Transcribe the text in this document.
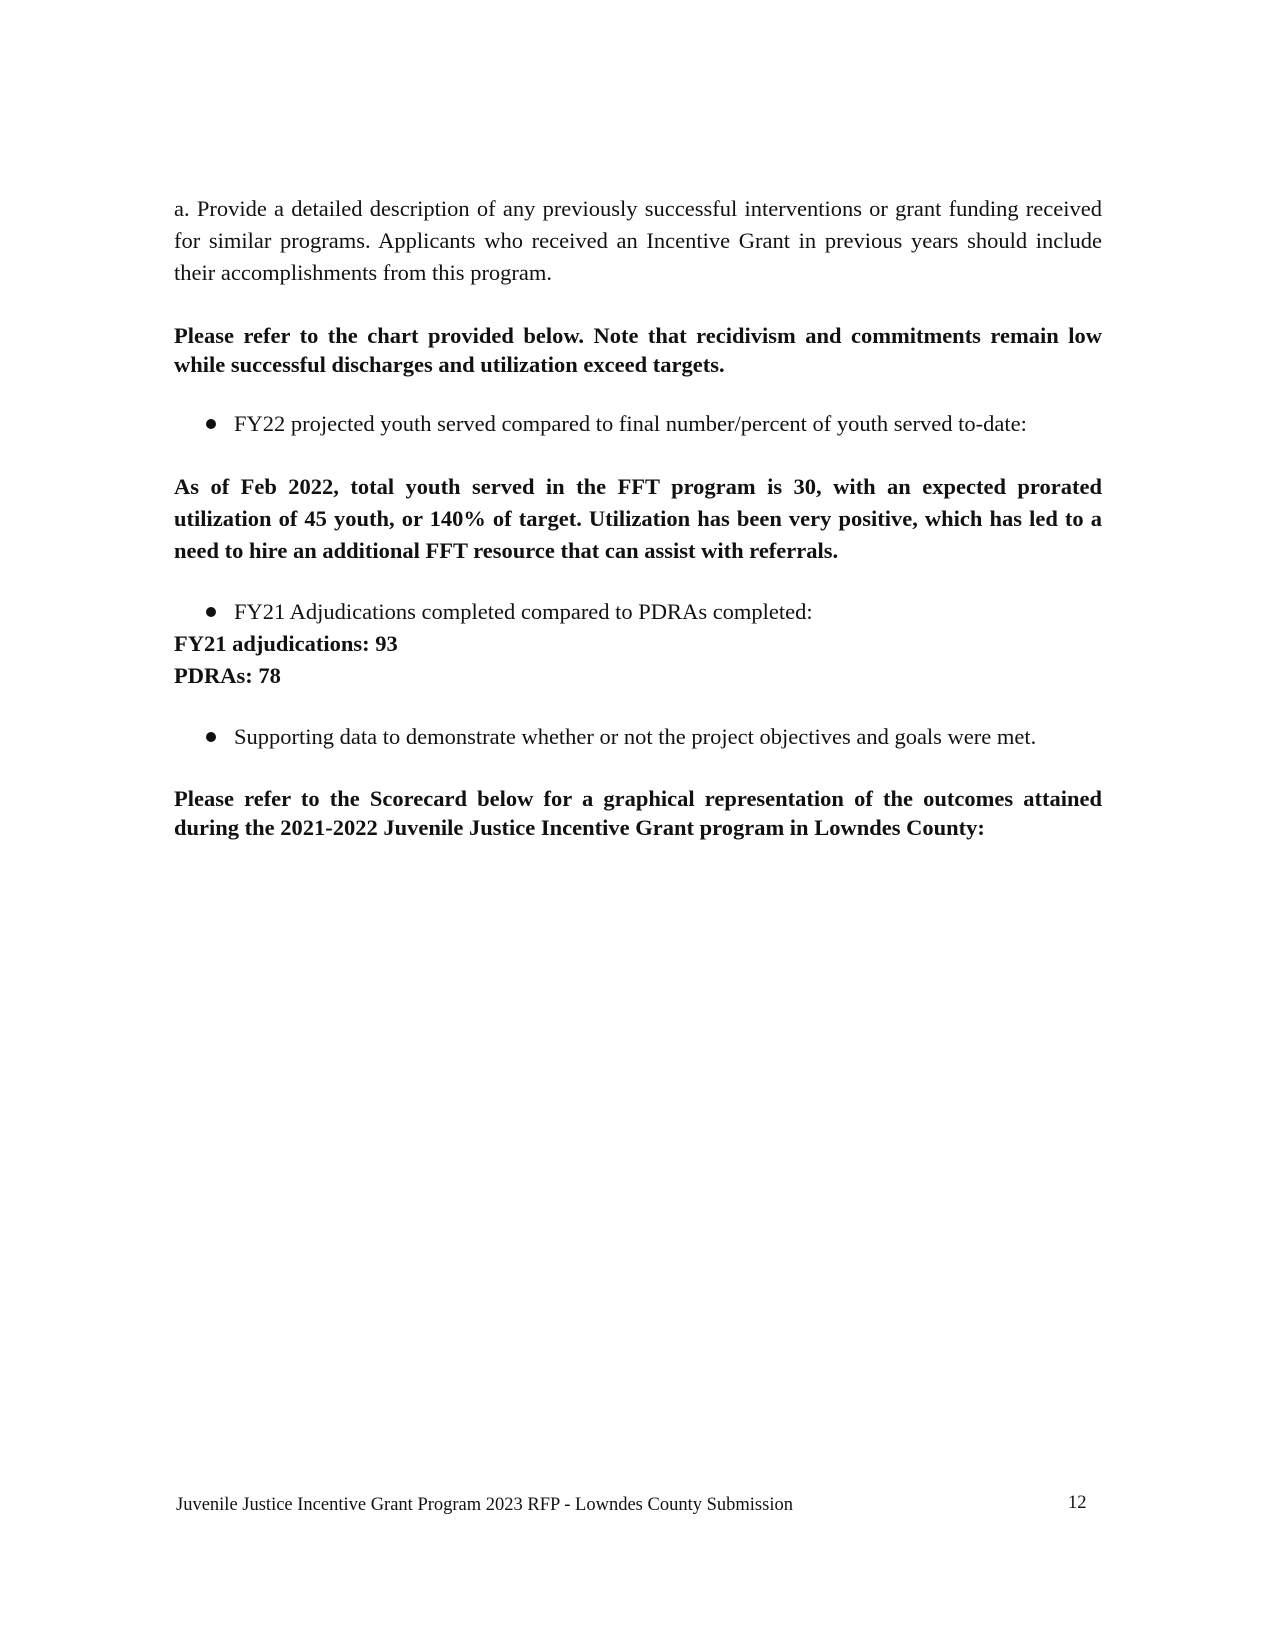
a. Provide a detailed description of any previously successful interventions or grant funding received for similar programs. Applicants who received an Incentive Grant in previous years should include their accomplishments from this program.

Please refer to the chart provided below. Note that recidivism and commitments remain low while successful discharges and utilization exceed targets.

FY22 projected youth served compared to final number/percent of youth served to-date:

As of Feb 2022, total youth served in the FFT program is 30, with an expected prorated utilization of 45 youth, or 140% of target. Utilization has been very positive, which has led to a need to hire an additional FFT resource that can assist with referrals.

FY21 Adjudications completed compared to PDRAs completed:
FY21 adjudications: 93
PDRAs: 78
Supporting data to demonstrate whether or not the project objectives and goals were met.

Please refer to the Scorecard below for a graphical representation of the outcomes attained during the 2021-2022 Juvenile Justice Incentive Grant program in Lowndes County:

Juvenile Justice Incentive Grant Program 2023 RFP - Lowndes County Submission	12
